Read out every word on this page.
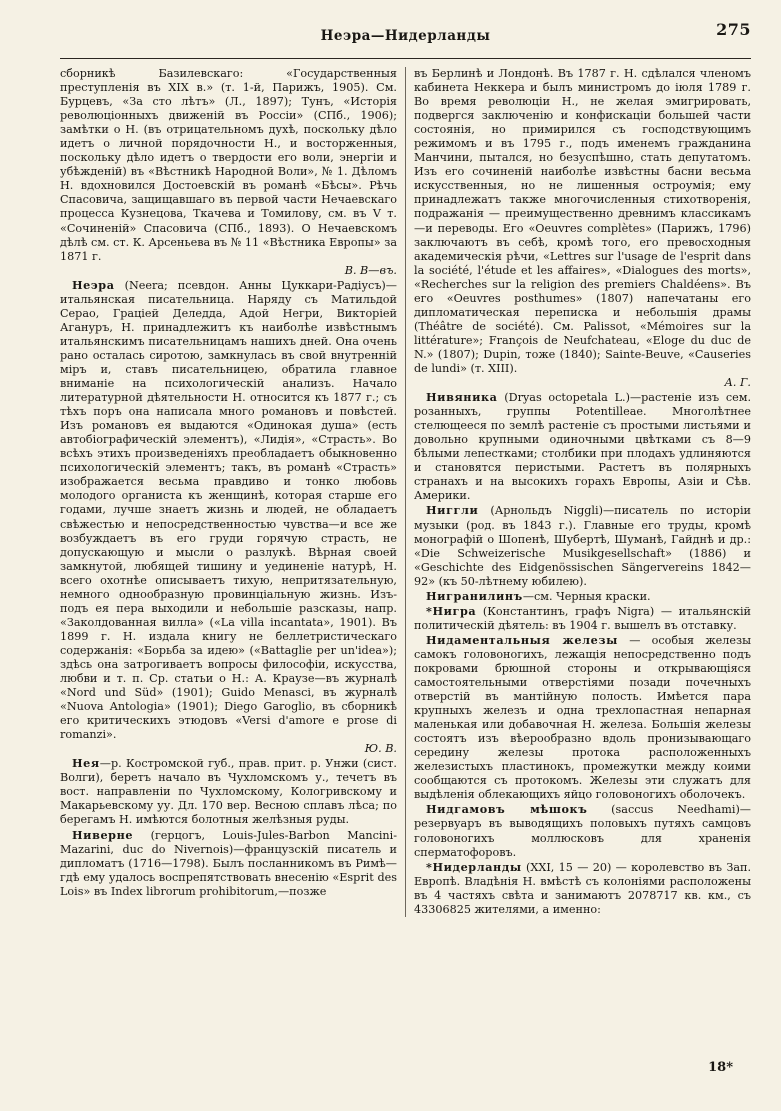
Неэра—Нидерланды	275

сборникѣ Базилевскаго: «Государственныя преступленія въ XIX в.» (т. 1-й, Парижъ, 1905). См. Бурцевъ, «За сто лѣтъ» (Л., 1897); Тунъ, «Исторія революціонныхъ движеній въ Россіи» (СПб., 1906); замѣтки о Н. (въ отрицательномъ духѣ, поскольку дѣло идетъ о личной порядочности Н., и восторженныя, поскольку дѣло идетъ о твердости его воли, энергіи и убѣжденій) въ «Вѣстникѣ Народной Воли», № 1. Дѣломъ Н. вдохновился Достоевскій въ романѣ «Бѣсы». Рѣчь Спасовича, защищавшаго въ первой части Нечаевскаго процесса Кузнецова, Ткачева и Томилову, см. въ V т. «Сочиненій» Спасовича (СПб., 1893). О Нечаевскомъ дѣлѣ см. ст. К. Арсеньева въ № 11 «Вѣстника Европы» за 1871 г.

В. В—въ.

Неэра (Neera; псевдон. Анны Цуккари-Радіусъ)—итальянская писательница. Наряду съ Матильдой Серао, Граціей Деледда, Адой Негри, Викторіей Агануръ, Н. принадлежитъ къ наиболѣе извѣстнымъ итальянскимъ писательницамъ нашихъ дней. Она очень рано осталась сиротою, замкнулась въ свой внутренній міръ и, ставъ писательницею, обратила главное вниманіе на психологическій анализъ. Начало литературной дѣятельности Н. относится къ 1877 г.; съ тѣхъ поръ она написала много романовъ и повѣстей. Изъ романовъ ея выдаются «Одинокая душа» (есть автобіографическій элементъ), «Лидія», «Страсть». Во всѣхъ этихъ произведеніяхъ преобладаетъ обыкновенно психологическій элементъ; такъ, въ романѣ «Страсть» изображается весьма правдиво и тонко любовь молодого органиста къ женщинѣ, которая старше его годами, лучше знаетъ жизнь и людей, не обладаетъ свѣжестью и непосредственностью чувства—и все же возбуждаетъ въ его груди горячую страсть, не допускающую и мысли о разлукѣ. Вѣрная своей замкнутой, любящей тишину и уединеніе натурѣ, Н. всего охотнѣе описываетъ тихую, непритязательную, немного однообразную провинціальную жизнь. Изъ-подъ ея пера выходили и небольшіе разсказы, напр. «Заколдованная вилла» («La villa incantata», 1901). Въ 1899 г. Н. издала книгу не беллетристическаго содержанія: «Борьба за идею» («Battaglie per un'idea»); здѣсь она затрогиваетъ вопросы философіи, искусства, любви и т. п. Ср. статьи о Н.: А. Краузе—въ журналѣ «Nord und Süd» (1901); Guido Menasci, въ журналѣ «Nuova Antologia» (1901); Diego Garoglio, въ сборникѣ его критическихъ этюдовъ «Versi d'amore e prose di romanzi».

Ю. В.

Нея—р. Костромской губ., прав. прит. р. Унжи (сист. Волги), беретъ начало въ Чухломскомъ у., течетъ въ вост. направленіи по Чухломскому, Кологривскому и Макарьевскому уу. Дл. 170 вер. Весною сплавъ лѣса; по берегамъ Н. имѣются болотныя желѣзныя руды.

Ниверне (герцогъ, Louis-Jules-Barbon Mancini-Mazarini, duc do Nivernois)—французскій писатель и дипломатъ (1716—1798). Былъ посланникомъ въ Римѣ—гдѣ ему удалось воспрепятствовать внесенію «Esprit des Lois» въ Index librorum prohibitorum,—позже

въ Берлинѣ и Лондонѣ. Въ 1787 г. Н. сдѣлался членомъ кабинета Неккера и былъ министромъ до іюля 1789 г. Во время революціи Н., не желая эмигрировать, подвергся заключенію и конфискаціи большей части состоянія, но примирился съ господствующимъ режимомъ и въ 1795 г., подъ именемъ гражданина Манчини, пытался, но безуспѣшно, стать депутатомъ. Изъ его сочиненій наиболѣе извѣстны басни весьма искусственныя, но не лишенныя остроумія; ему принадлежатъ также многочисленныя стихотворенія, подражанія — преимущественно древнимъ классикамъ—и переводы. Его «Oeuvres complètes» (Парижъ, 1796) заключаютъ въ себѣ, кромѣ того, его превосходныя академическія рѣчи, «Lettres sur l'usage de l'esprit dans la société, l'étude et les affaires», «Dialogues des morts», «Recherches sur la religion des premiers Chaldéens». Въ его «Oeuvres posthumes» (1807) напечатаны его дипломатическая переписка и небольшія драмы (Théâtre de société). См. Palissot, «Mémoires sur la littérature»; François de Neufchateau, «Eloge du duc de N.» (1807); Dupin, тоже (1840); Sainte-Beuve, «Causeries de lundi» (т. XIII).

А. Г.

Нивяника (Dryas octopetala L.)—растеніе изъ сем. розанныхъ, группы Potentilleae. Многолѣтнее стелющееся по землѣ растеніе съ простыми листьями и довольно крупными одиночными цвѣтками съ 8—9 бѣлыми лепестками; столбики при плодахъ удлиняются и становятся перистыми. Растетъ въ полярныхъ странахъ и на высокихъ горахъ Европы, Азіи и Сѣв. Америки.

Ниггли (Арнольдъ Niggli)—писатель по исторіи музыки (род. въ 1843 г.). Главные его труды, кромѣ монографій о Шопенѣ, Шубертѣ, Шуманѣ, Гайднѣ и др.: «Die Schweizerische Musikgesellschaft» (1886) и «Geschichte des Eidgenössischen Sängervereins 1842—92» (къ 50-лѣтнему юбилею).

Нигранилинъ—см. Черныя краски.

*Нигра (Константинъ, графъ Nigra) — итальянскій политическій дѣятель: въ 1904 г. вышелъ въ отставку.

Нидаментальныя железы — особыя железы самокъ головоногихъ, лежащія непосредственно подъ покровами брюшной стороны и открывающіяся самостоятельными отверстіями позади почечныхъ отверстій въ мантійную полость. Имѣется пара крупныхъ железъ и одна трехлопастная непарная маленькая или добавочная Н. железа. Большія железы состоятъ изъ вѣерообразно вдоль пронизывающаго середину железы протока расположенныхъ железистыхъ пластинокъ, промежутки между коими сообщаются съ протокомъ. Железы эти служатъ для выдѣленія облекающихъ яйцо головоногихъ оболочекъ.

Нидгамовъ мѣшокъ (saccus Needhami)—резервуаръ въ выводящихъ половыхъ путяхъ самцовъ головоногихъ моллюсковъ для храненія сперматофоровъ.

*Нидерланды (XXI, 15 — 20) — королевство въ Зап. Европѣ. Владѣнія Н. вмѣстѣ съ колоніями расположены въ 4 частяхъ свѣта и занимаютъ 2078717 кв. км., съ 43306825 жителями, а именно:

18*
